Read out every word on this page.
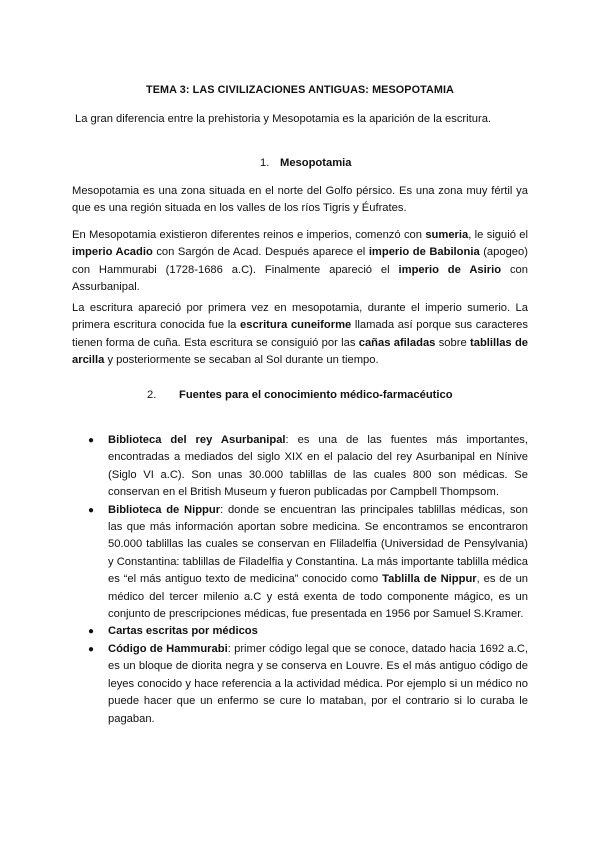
TEMA 3: LAS CIVILIZACIONES ANTIGUAS: MESOPOTAMIA

La gran diferencia entre la prehistoria y Mesopotamia es la aparición de la escritura.

1. Mesopotamia

Mesopotamia es una zona situada en el norte del Golfo pérsico. Es una zona muy fértil ya que es una región situada en los valles de los ríos Tigris y Éufrates.

En Mesopotamia existieron diferentes reinos e imperios, comenzó con sumeria, le siguió el imperio Acadio con Sargón de Acad. Después aparece el imperio de Babilonia (apogeo) con Hammurabi (1728-1686 a.C). Finalmente apareció el imperio de Asirio con Assurbanipal.

La escritura apareció por primera vez en mesopotamia, durante el imperio sumerio. La primera escritura conocida fue la escritura cuneiforme llamada así porque sus caracteres tienen forma de cuña. Esta escritura se consiguió por las cañas afiladas sobre tablillas de arcilla y posteriormente se secaban al Sol durante un tiempo.

2. Fuentes para el conocimiento médico-farmacéutico

● Biblioteca del rey Asurbanipal: es una de las fuentes más importantes, encontradas a mediados del siglo XIX en el palacio del rey Asurbanipal en Nínive (Siglo VI a.C). Son unas 30.000 tablillas de las cuales 800 son médicas. Se conservan en el British Museum y fueron publicadas por Campbell Thompsom.
● Biblioteca de Nippur: donde se encuentran las principales tablillas médicas, son las que más información aportan sobre medicina. Se encontramos se encontraron 50.000 tablillas las cuales se conservan en Fliladelfia (Universidad de Pensylvania) y Constantina: tablillas de Filadelfia y Constantina. La más importante tablilla médica es “el más antiguo texto de medicina” conocido como Tablilla de Nippur, es de un médico del tercer milenio a.C y está exenta de todo componente mágico, es un conjunto de prescripciones médicas, fue presentada en 1956 por Samuel S.Kramer.
● Cartas escritas por médicos
● Código de Hammurabi: primer código legal que se conoce, datado hacia 1692 a.C, es un bloque de diorita negra y se conserva en Louvre. Es el más antiguo código de leyes conocido y hace referencia a la actividad médica. Por ejemplo si un médico no puede hacer que un enfermo se cure lo mataban, por el contrario si lo curaba le pagaban.
